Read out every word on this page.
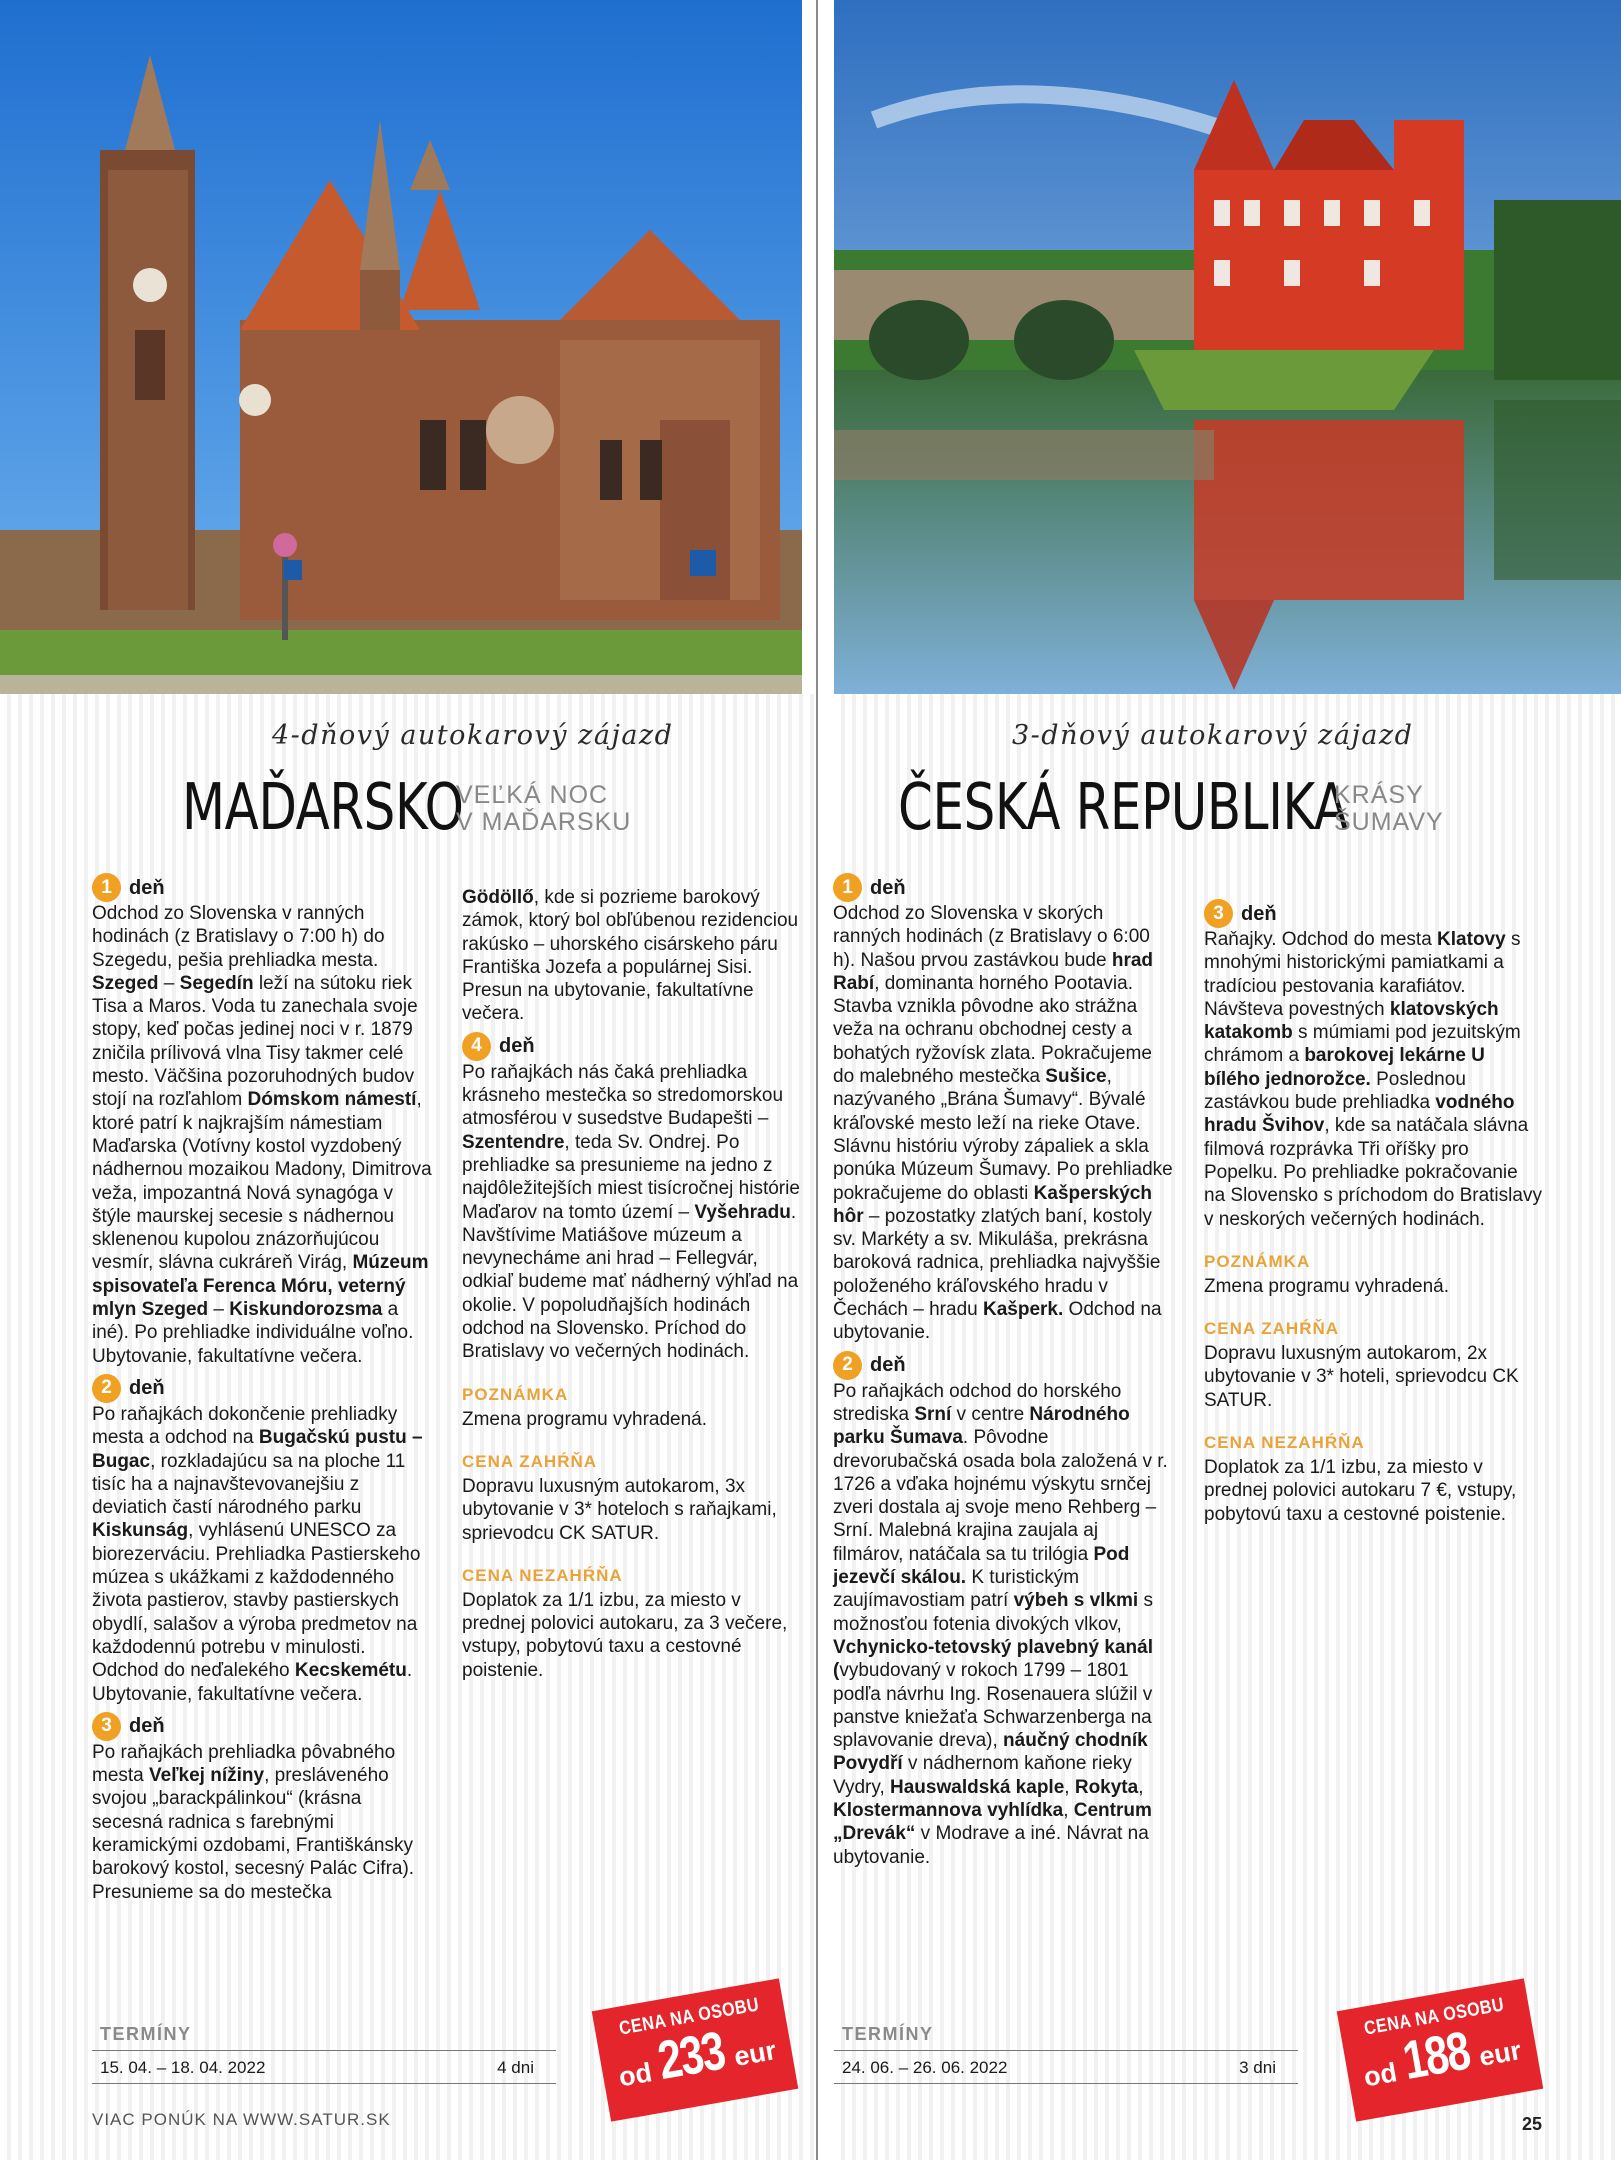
4-dňový autokarový zájazd
MAĎARSKO
VEĽKÁ NOC
V MAĎARSKU
3-dňový autokarový zájazd
ČESKÁ REPUBLIKA
KRÁSY
ŠUMAVY
1 deň

Odchod zo Slovenska v ranných hodinách (z Bratislavy o 7:00 h) do Szegedu, pešia prehliadka mesta. Szeged – Segedín leží na sútoku riek Tisa a Maros. Voda tu zanechala svoje stopy, keď počas jedinej noci v r. 1879 zničila prílivová vlna Tisy takmer celé mesto. Väčšina pozoruhodných budov stojí na rozľahlom Dómskom námestí, ktoré patrí k najkrajším námestiam Maďarska (Votívny kostol vyzdobený nádhernou mozaikou Madony, Dimitrova veža, impozantná Nová synagóga v štýle maurskej secesie s nádhernou sklenenou kupolou znázorňujúcou vesmír, slávna cukráreň Virág, Múzeum spisovateľa Ferenca Móru, veterný mlyn Szeged – Kiskundorozsma a iné). Po prehliadke individuálne voľno. Ubytovanie, fakultatívne večera.

2 deň

Po raňajkách dokončenie prehliadky mesta a odchod na Bugačskú pustu – Bugac, rozkladajúcu sa na ploche 11 tisíc ha a najnavštevovanejšiu z deviatich častí národného parku Kiskunság, vyhlásenú UNESCO za biorezerváciu. Prehliadka Pastierskeho múzea s ukážkami z každodenného života pastierov, stavby pastierskych obydlí, salašov a výroba predmetov na každodennú potrebu v minulosti. Odchod do neďalekého Kecskemétu. Ubytovanie, fakultatívne večera.

3 deň

Po raňajkách prehliadka pôvabného mesta Veľkej nížiny, presláveného svojou „barackpálinkou“ (krásna secesná radnica s farebnými keramickými ozdobami, Františkánsky barokový kostol, secesný Palác Cifra). Presunieme sa do mestečka

Gödöllő, kde si pozrieme barokový zámok, ktorý bol obľúbenou rezidenciou rakúsko – uhorského cisárskeho páru Františka Jozefa a populárnej Sisi. Presun na ubytovanie, fakultatívne večera.

4 deň

Po raňajkách nás čaká prehliadka krásneho mestečka so stredomorskou atmosférou v susedstve Budapešti – Szentendre, teda Sv. Ondrej. Po prehliadke sa presunieme na jedno z najdôležitejších miest tisícročnej histórie Maďarov na tomto území – Vyšehradu. Navštívime Matiášove múzeum a nevynecháme ani hrad – Fellegvár, odkiaľ budeme mať nádherný výhľad na okolie. V popoludňajších hodinách odchod na Slovensko. Príchod do Bratislavy vo večerných hodinách.

POZNÁMKA

Zmena programu vyhradená.

CENA ZAHŔŇA

Dopravu luxusným autokarom, 3x ubytovanie v 3* hoteloch s raňajkami, sprievodcu CK SATUR.

CENA NEZAHŔŇA

Doplatok za 1/1 izbu, za miesto v prednej polovici autokaru, za 3 večere, vstupy, pobytovú taxu a cestovné poistenie.

1 deň

Odchod zo Slovenska v skorých ranných hodinách (z Bratislavy o 6:00 h). Našou prvou zastávkou bude hrad Rabí, dominanta horného Pootavia. Stavba vznikla pôvodne ako strážna veža na ochranu obchodnej cesty a bohatých ryžovísk zlata. Pokračujeme do malebného mestečka Sušice, nazývaného „Brána Šumavy“. Bývalé kráľovské mesto leží na rieke Otave. Slávnu históriu výroby zápaliek a skla ponúka Múzeum Šumavy. Po prehliadke pokračujeme do oblasti Kašperských hôr – pozostatky zlatých baní, kostoly sv. Markéty a sv. Mikuláša, prekrásna baroková radnica, prehliadka najvyššie položeného kráľovského hradu v Čechách – hradu Kašperk. Odchod na ubytovanie.

2 deň

Po raňajkách odchod do horského strediska Srní v centre Národného parku Šumava. Pôvodne drevorubačská osada bola založená v r. 1726 a vďaka hojnému výskytu srnčej zveri dostala aj svoje meno Rehberg – Srní. Malebná krajina zaujala aj filmárov, natáčala sa tu trilógia Pod jezevčí skálou. K turistickým zaujímavostiam patrí výbeh s vlkmi s možnosťou fotenia divokých vlkov, Vchynicko-tetovský plavebný kanál (vybudovaný v rokoch 1799 – 1801 podľa návrhu Ing. Rosenauera slúžil v panstve kniežaťa Schwarzenberga na splavovanie dreva), náučný chodník Povydří v nádhernom kaňone rieky Vydry, Hauswaldská kaple, Rokyta, Klostermannova vyhlídka, Centrum „Drevák“ v Modrave a iné. Návrat na ubytovanie.

3 deň

Raňajky. Odchod do mesta Klatovy s mnohými historickými pamiatkami a tradíciou pestovania karafiátov. Návšteva povestných klatovských katakomb s múmiami pod jezuitským chrámom a barokovej lekárne U bílého jednorožce. Poslednou zastávkou bude prehliadka vodného hradu Švihov, kde sa natáčala slávna filmová rozprávka Tři oříšky pro Popelku. Po prehliadke pokračovanie na Slovensko s príchodom do Bratislavy v neskorých večerných hodinách.

POZNÁMKA

Zmena programu vyhradená.

CENA ZAHŔŇA

Dopravu luxusným autokarom, 2x ubytovanie v 3* hoteli, sprievodcu CK SATUR.

CENA NEZAHŔŇA

Doplatok za 1/1 izbu, za miesto v prednej polovici autokaru 7 €, vstupy, pobytovú taxu a cestovné poistenie.

TERMÍNY
15. 04. – 18. 04. 2022	4 dni
CENA NA OSOBU
od233 eur
TERMÍNY
24. 06. – 26. 06. 2022	3 dni
CENA NA OSOBU
od188 eur
VIAC PONÚK NA WWW.SATUR.SK	25
